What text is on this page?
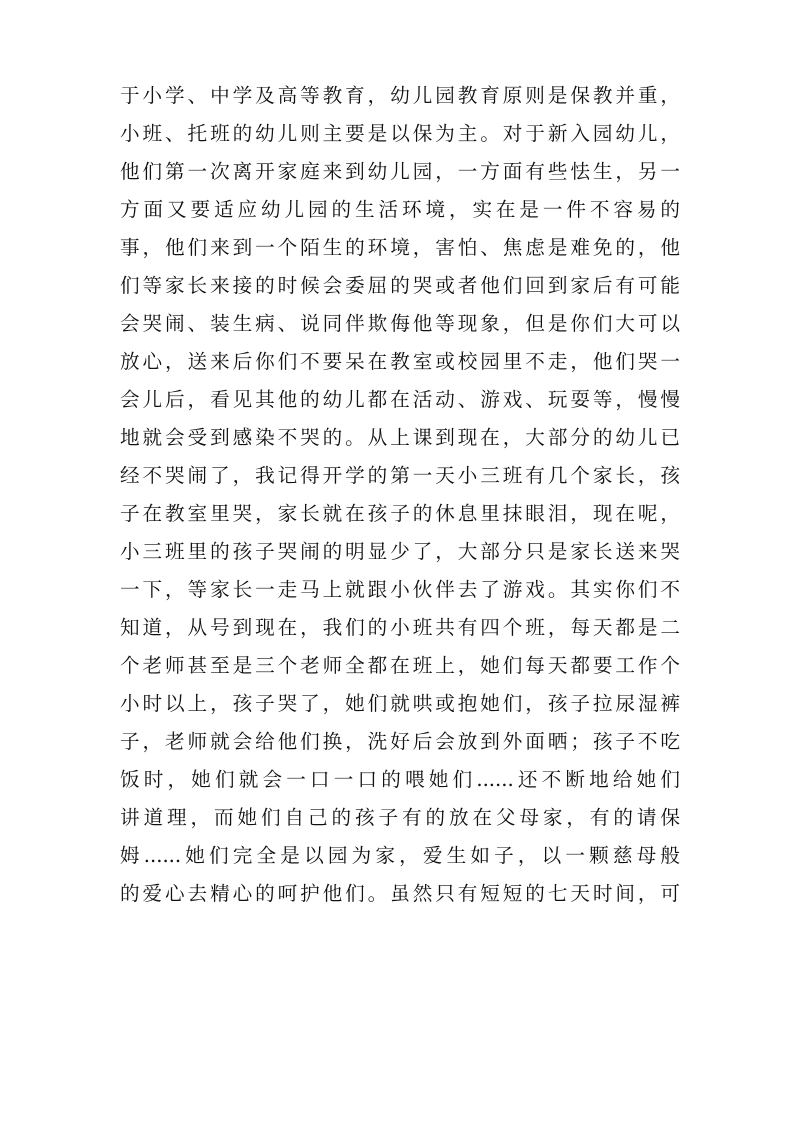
于小学、中学及高等教育，幼儿园教育原则是保教并重，
小班、托班的幼儿则主要是以保为主。对于新入园幼儿，
他们第一次离开家庭来到幼儿园，一方面有些怯生，另一
方面又要适应幼儿园的生活环境，实在是一件不容易的
事，他们来到一个陌生的环境，害怕、焦虑是难免的，他
们等家长来接的时候会委屈的哭或者他们回到家后有可能
会哭闹、装生病、说同伴欺侮他等现象，但是你们大可以
放心，送来后你们不要呆在教室或校园里不走，他们哭一
会儿后，看见其他的幼儿都在活动、游戏、玩耍等，慢慢
地就会受到感染不哭的。从上课到现在，大部分的幼儿已
经不哭闹了，我记得开学的第一天小三班有几个家长，孩
子在教室里哭，家长就在孩子的休息里抹眼泪，现在呢，
小三班里的孩子哭闹的明显少了，大部分只是家长送来哭
一下，等家长一走马上就跟小伙伴去了游戏。其实你们不
知道，从号到现在，我们的小班共有四个班，每天都是二
个老师甚至是三个老师全都在班上，她们每天都要工作个
小时以上，孩子哭了，她们就哄或抱她们，孩子拉尿湿裤
子，老师就会给他们换，洗好后会放到外面晒；孩子不吃
饭时，她们就会一口一口的喂她们......还不断地给她们
讲道理，而她们自己的孩子有的放在父母家，有的请保
姆......她们完全是以园为家，爱生如子，以一颗慈母般
的爱心去精心的呵护他们。虽然只有短短的七天时间，可
